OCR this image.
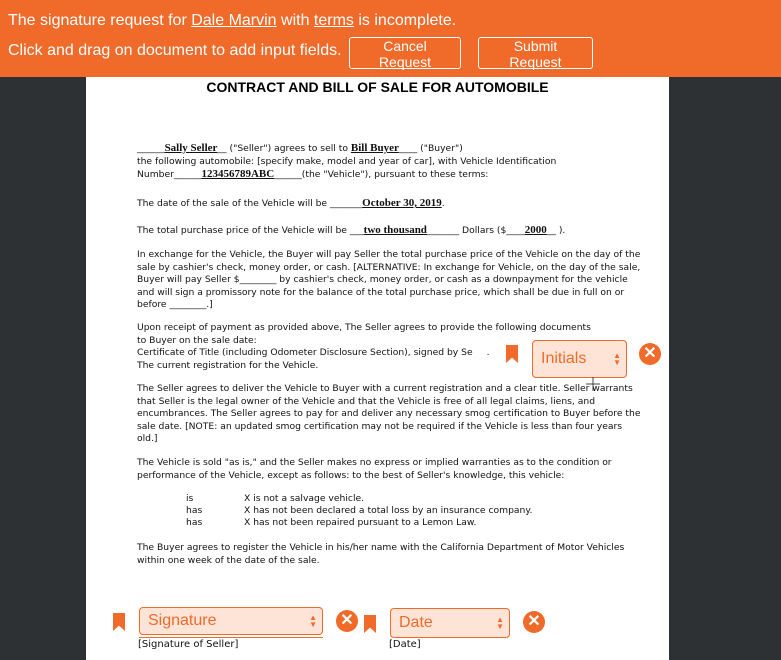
The signature request for Dale Marvin with terms is incomplete.
Click and drag on document to add input fields.	Cancel Request
Submit Request
CONTRACT AND BILL OF SALE FOR AUTOMOBILE
______Sally Seller__ ("Seller") agrees to sell to Bill Buyer____ ("Buyer")
the following automobile: [specify make, model and year of car], with Vehicle Identification
Number______123456789ABC______(the "Vehicle"), pursuant to these terms:
The date of the sale of the Vehicle will be _______October 30, 2019.
The total purchase price of the Vehicle will be ___two thousand_______ Dollars ($____2000__ ).
In exchange for the Vehicle, the Buyer will pay Seller the total purchase price of the Vehicle on the day of the sale by cashier's check, money order, or cash. [ALTERNATIVE: In exchange for Vehicle, on the day of the sale, Buyer will pay Seller $________ by cashier's check, money order, or cash as a downpayment for the vehicle and will sign a promissory note for the balance of the total purchase price, which shall be due in full on or before ________.]
Upon receipt of payment as provided above, The Seller agrees to provide the following documents
to Buyer on the sale date:
Certificate of Title (including Odometer Disclosure Section), signed by Se .
The current registration for the Vehicle.
The Seller agrees to deliver the Vehicle to Buyer with a current registration and a clear title. Seller warrants that Seller is the legal owner of the Vehicle and that the Vehicle is free of all legal claims, liens, and encumbrances. The Seller agrees to pay for and deliver any necessary smog certification to Buyer before the sale date. [NOTE: an updated smog certification may not be required if the Vehicle is less than four years old.]
The Vehicle is sold "as is," and the Seller makes no express or implied warranties as to the condition or performance of the Vehicle, except as follows: to the best of Seller's knowledge, this vehicle:
is	X is not a salvage vehicle.
has	X has not been declared a total loss by an insurance company.
has	X has not been repaired pursuant to a Lemon Law.
The Buyer agrees to register the Vehicle in his/her name with the California Department of Motor Vehicles within one week of the date of the sale.
Initials	▲
▼
✕
Signature	▲
▼ ✕
[Signature of Seller]
Date	▲
▼ ✕
[Date]
